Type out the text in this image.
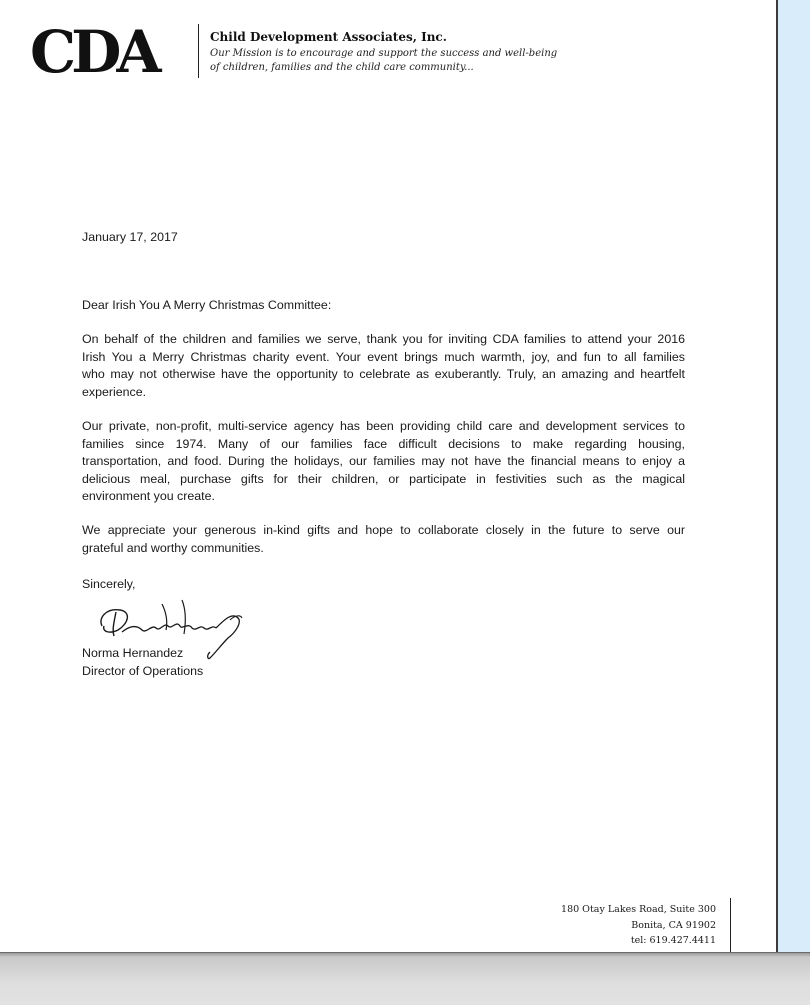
CDA	Child Development Associates, Inc.
Our Mission is to encourage and support the success and well-being
of children, families and the child care community...
January 17, 2017
Dear Irish You A Merry Christmas Committee:
On behalf of the children and families we serve, thank you for inviting CDA families to attend your 2016
Irish You a Merry Christmas charity event. Your event brings much warmth, joy, and fun to all families
who may not otherwise have the opportunity to celebrate as exuberantly. Truly, an amazing and heartfelt
experience.
Our private, non-profit, multi-service agency has been providing child care and development services to
families since 1974. Many of our families face difficult decisions to make regarding housing,
transportation, and food. During the holidays, our families may not have the financial means to enjoy a
delicious meal, purchase gifts for their children, or participate in festivities such as the magical
environment you create.
We appreciate your generous in-kind gifts and hope to collaborate closely in the future to serve our
grateful and worthy communities.
Sincerely,
Norma Hernandez
Director of Operations
180 Otay Lakes Road, Suite 300
Bonita, CA 91902
tel: 619.427.4411
